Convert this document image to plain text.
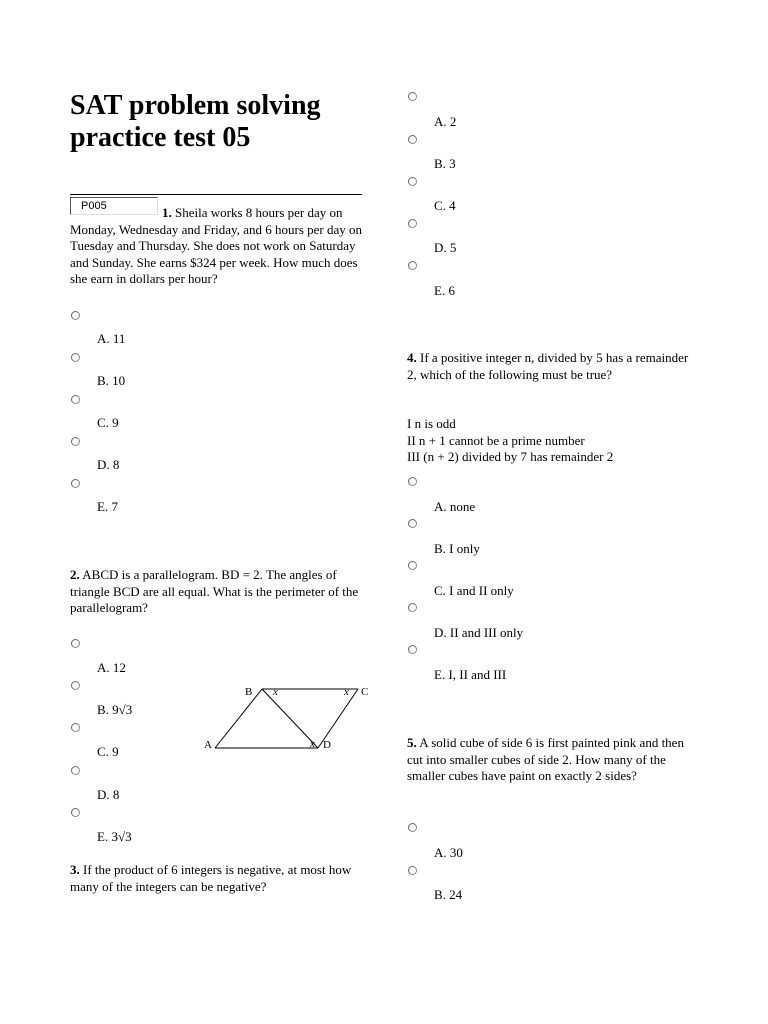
SAT problem solving
practice test 05
P005	1. Sheila works 8 hours per day on Monday, Wednesday and Friday, and 6 hours per day on Tuesday and Thursday. She does not work on Saturday and Sunday. She earns $324 per week. How much does she earn in dollars per hour?
A. 11
B. 10
C. 9
D. 8
E. 7
2. ABCD is a parallelogram. BD = 2. The angles of triangle BCD are all equal. What is the perimeter of the parallelogram?
A. 12
B. 9√3
C. 9
D. 8
E. 3√3
A
B	C
D
x	x
x
3. If the product of 6 integers is negative, at most how many of the integers can be negative?
A. 2
B. 3
C. 4
D. 5
E. 6
4. If a positive integer n, divided by 5 has a remainder 2, which of the following must be true?
I n is odd
II n + 1 cannot be a prime number
III (n + 2) divided by 7 has remainder 2
A. none
B. I only
C. I and II only
D. II and III only
E. I, II and III
5. A solid cube of side 6 is first painted pink and then cut into smaller cubes of side 2. How many of the smaller cubes have paint on exactly 2 sides?
A. 30
B. 24
